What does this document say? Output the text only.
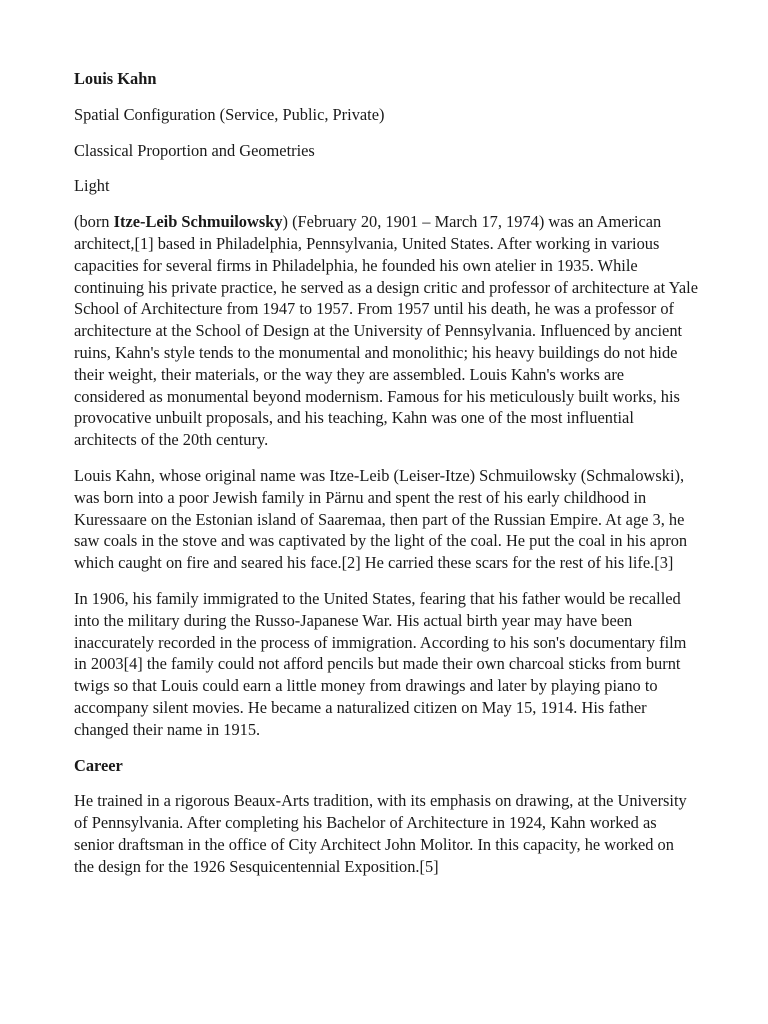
Louis Kahn

Spatial Configuration (Service, Public, Private)

Classical Proportion and Geometries

Light

(born Itze-Leib Schmuilowsky) (February 20, 1901 – March 17, 1974) was an American architect,[1] based in Philadelphia, Pennsylvania, United States. After working in various capacities for several firms in Philadelphia, he founded his own atelier in 1935. While continuing his private practice, he served as a design critic and professor of architecture at Yale School of Architecture from 1947 to 1957. From 1957 until his death, he was a professor of architecture at the School of Design at the University of Pennsylvania. Influenced by ancient ruins, Kahn's style tends to the monumental and monolithic; his heavy buildings do not hide their weight, their materials, or the way they are assembled. Louis Kahn's works are considered as monumental beyond modernism. Famous for his meticulously built works, his provocative unbuilt proposals, and his teaching, Kahn was one of the most influential architects of the 20th century.

Louis Kahn, whose original name was Itze-Leib (Leiser-Itze) Schmuilowsky (Schmalowski), was born into a poor Jewish family in Pärnu and spent the rest of his early childhood in Kuressaare on the Estonian island of Saaremaa, then part of the Russian Empire. At age 3, he saw coals in the stove and was captivated by the light of the coal. He put the coal in his apron which caught on fire and seared his face.[2] He carried these scars for the rest of his life.[3]

In 1906, his family immigrated to the United States, fearing that his father would be recalled into the military during the Russo-Japanese War. His actual birth year may have been inaccurately recorded in the process of immigration. According to his son's documentary film in 2003[4] the family could not afford pencils but made their own charcoal sticks from burnt twigs so that Louis could earn a little money from drawings and later by playing piano to accompany silent movies. He became a naturalized citizen on May 15, 1914. His father changed their name in 1915.

Career

He trained in a rigorous Beaux-Arts tradition, with its emphasis on drawing, at the University of Pennsylvania. After completing his Bachelor of Architecture in 1924, Kahn worked as senior draftsman in the office of City Architect John Molitor. In this capacity, he worked on the design for the 1926 Sesquicentennial Exposition.[5]
